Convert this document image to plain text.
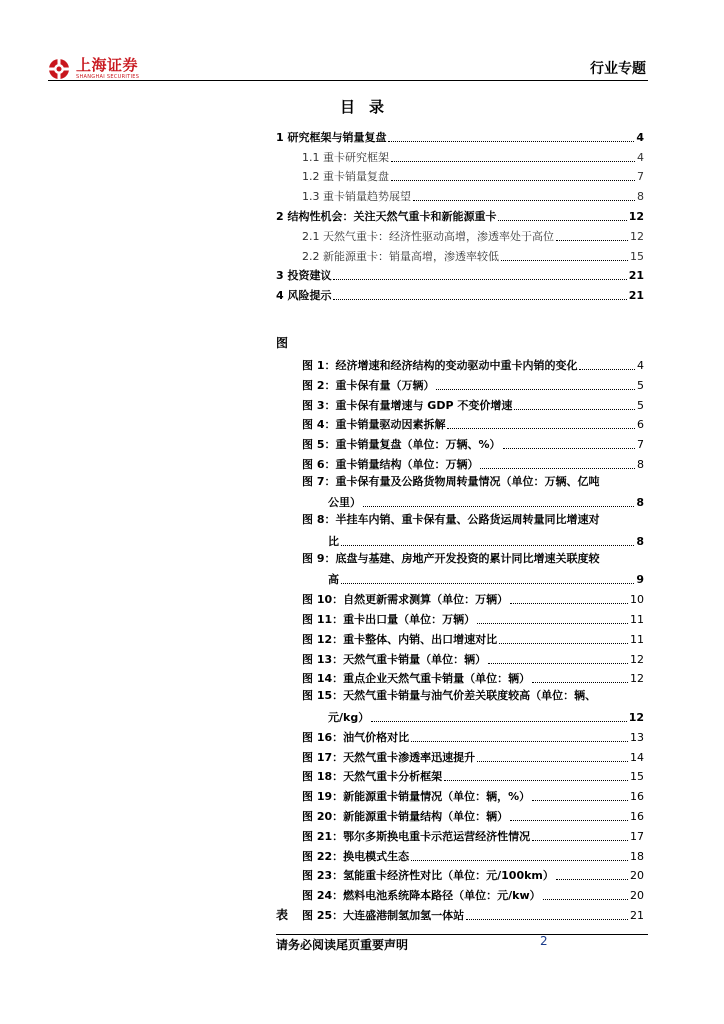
上海证券
SHANGHAI SECURITIES	行业专题
目录
1 研究框架与销量复盘	4
1.1 重卡研究框架	4
1.2 重卡销量复盘	7
1.3 重卡销量趋势展望	8
2 结构性机会：关注天然气重卡和新能源重卡	12
2.1 天然气重卡：经济性驱动高增，渗透率处于高位	12
2.2 新能源重卡：销量高增，渗透率较低	15
3 投资建议	21
4 风险提示	21
图
图 1：经济增速和经济结构的变动驱动中重卡内销的变化	4
图 2：重卡保有量（万辆）	5
图 3：重卡保有量增速与 GDP 不变价增速	5
图 4：重卡销量驱动因素拆解	6
图 5：重卡销量复盘（单位：万辆、%）	7
图 6：重卡销量结构（单位：万辆）	8
图 7：重卡保有量及公路货物周转量情况（单位：万辆、亿吨
公里）	8
图 8：半挂车内销、重卡保有量、公路货运周转量同比增速对
比	8
图 9：底盘与基建、房地产开发投资的累计同比增速关联度较
高	9
图 10：自然更新需求测算（单位：万辆）	10
图 11：重卡出口量（单位：万辆）	11
图 12：重卡整体、内销、出口增速对比	11
图 13：天然气重卡销量（单位：辆）	12
图 14：重点企业天然气重卡销量（单位：辆）	12
图 15：天然气重卡销量与油气价差关联度较高（单位：辆、
元/kg）	12
图 16：油气价格对比	13
图 17：天然气重卡渗透率迅速提升	14
图 18：天然气重卡分析框架	15
图 19：新能源重卡销量情况（单位：辆，%）	16
图 20：新能源重卡销量结构（单位：辆）	16
图 21：鄂尔多斯换电重卡示范运营经济性情况	17
图 22：换电模式生态	18
图 23：氢能重卡经济性对比（单位：元/100km）	20
图 24：燃料电池系统降本路径（单位：元/kw）	20
图 25：大连盛港制氢加氢一体站	21
表
请务必阅读尾页重要声明	2
